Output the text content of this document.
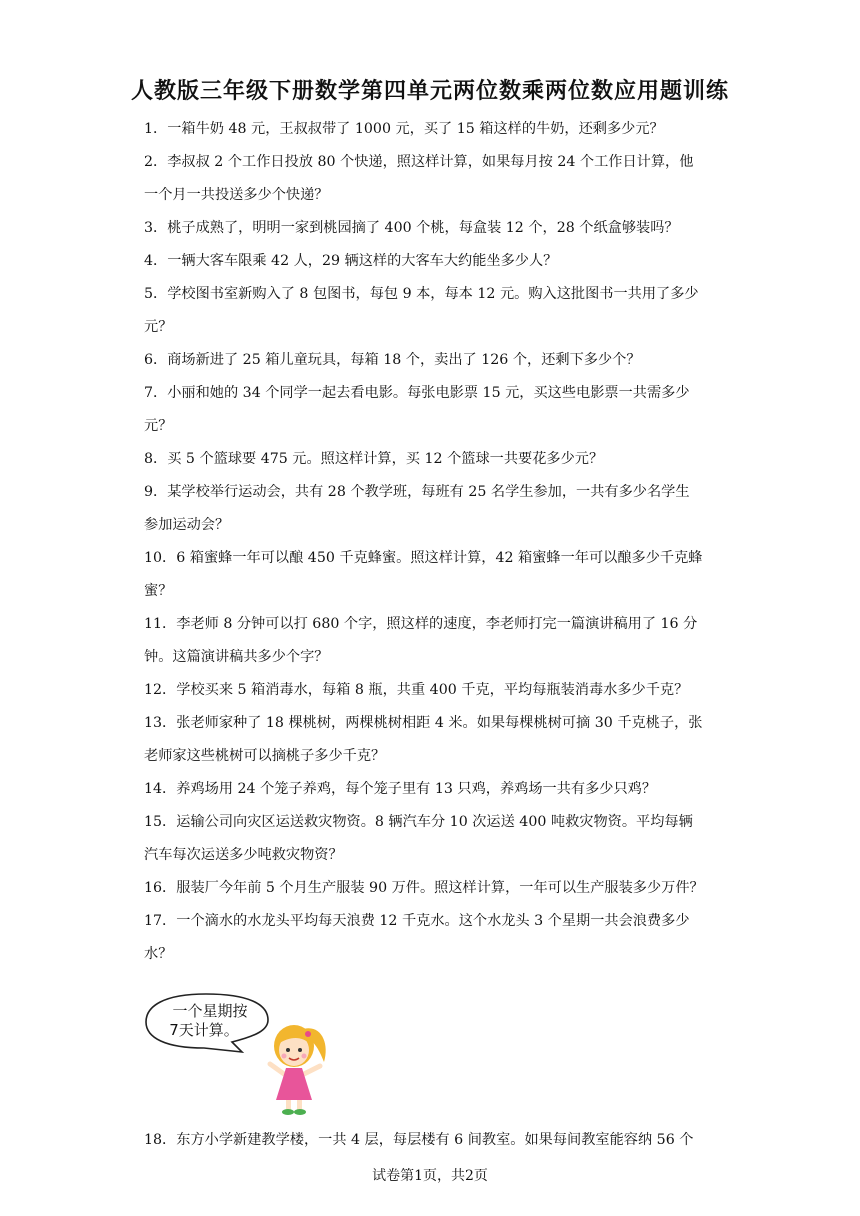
人教版三年级下册数学第四单元两位数乘两位数应用题训练
1．一箱牛奶 48 元，王叔叔带了 1000 元，买了 15 箱这样的牛奶，还剩多少元？
2．李叔叔 2 个工作日投放 80 个快递，照这样计算，如果每月按 24 个工作日计算，他
一个月一共投送多少个快递？
3．桃子成熟了，明明一家到桃园摘了 400 个桃，每盒装 12 个，28 个纸盒够装吗？
4．一辆大客车限乘 42 人，29 辆这样的大客车大约能坐多少人？
5．学校图书室新购入了 8 包图书，每包 9 本，每本 12 元。购入这批图书一共用了多少
元？
6．商场新进了 25 箱儿童玩具，每箱 18 个，卖出了 126 个，还剩下多少个？
7．小丽和她的 34 个同学一起去看电影。每张电影票 15 元，买这些电影票一共需多少
元？
8．买 5 个篮球要 475 元。照这样计算，买 12 个篮球一共要花多少元？
9．某学校举行运动会，共有 28 个教学班，每班有 25 名学生参加，一共有多少名学生
参加运动会？
10．6 箱蜜蜂一年可以酿 450 千克蜂蜜。照这样计算，42 箱蜜蜂一年可以酿多少千克蜂
蜜？
11．李老师 8 分钟可以打 680 个字，照这样的速度，李老师打完一篇演讲稿用了 16 分
钟。这篇演讲稿共多少个字？
12．学校买来 5 箱消毒水，每箱 8 瓶，共重 400 千克，平均每瓶装消毒水多少千克？
13．张老师家种了 18 棵桃树，两棵桃树相距 4 米。如果每棵桃树可摘 30 千克桃子，张
老师家这些桃树可以摘桃子多少千克？
14．养鸡场用 24 个笼子养鸡，每个笼子里有 13 只鸡，养鸡场一共有多少只鸡？
15．运输公司向灾区运送救灾物资。8 辆汽车分 10 次运送 400 吨救灾物资。平均每辆
汽车每次运送多少吨救灾物资？
16．服装厂今年前 5 个月生产服装 90 万件。照这样计算，一年可以生产服装多少万件？
17．一个滴水的水龙头平均每天浪费 12 千克水。这个水龙头 3 个星期一共会浪费多少
水？
18．东方小学新建教学楼，一共 4 层，每层楼有 6 间教室。如果每间教室能容纳 56 个
一个星期按
7天计算。
试卷第1页，共2页
